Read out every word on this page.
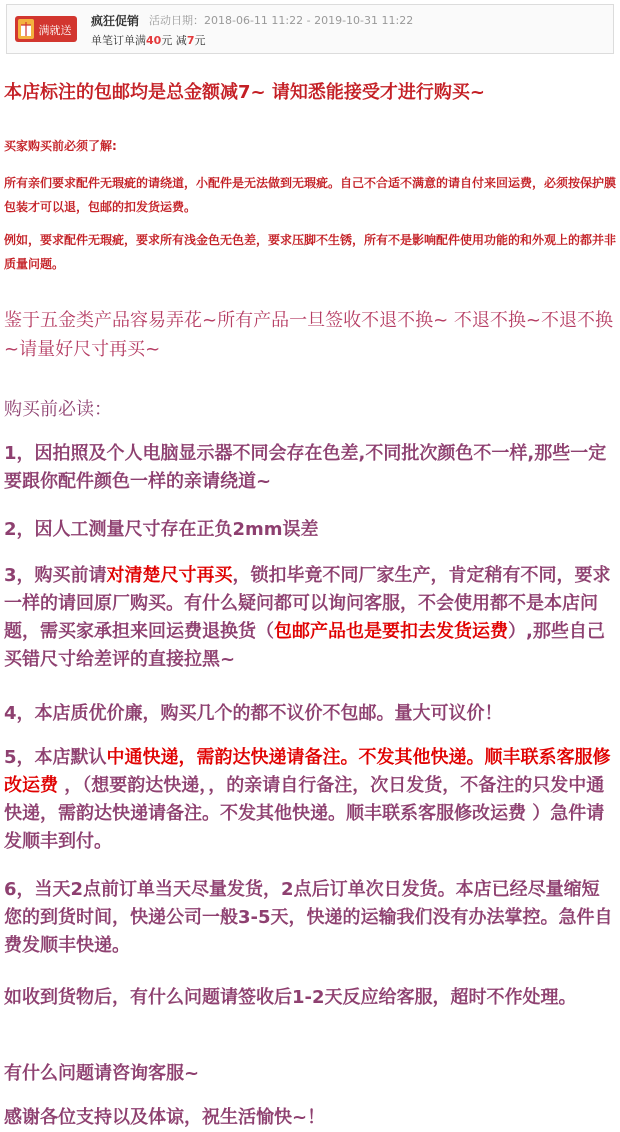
满就送
疯狂促销 活动日期：2018-06-11 11:22 - 2019-10-31 11:22
单笔订单满40元 减7元

本店标注的包邮均是总金额减7~ 请知悉能接受才进行购买~

买家购买前必须了解:

所有亲们要求配件无瑕疵的请绕道，小配件是无法做到无瑕疵。自己不合适不满意的请自付来回运费，必须按保护膜包装才可以退，包邮的扣发货运费。

例如，要求配件无瑕疵，要求所有浅金色无色差，要求压脚不生锈，所有不是影响配件使用功能的和外观上的都并非质量问题。

鉴于五金类产品容易弄花~所有产品一旦签收不退不换~ 不退不换~不退不换~请量好尺寸再买~

购买前必读：

1，因拍照及个人电脑显示器不同会存在色差,不同批次颜色不一样,那些一定要跟你配件颜色一样的亲请绕道~

2，因人工测量尺寸存在正负2mm误差

3，购买前请对清楚尺寸再买，锁扣毕竟不同厂家生产，肯定稍有不同，要求一样的请回原厂购买。有什么疑问都可以询问客服，不会使用都不是本店问题，需买家承担来回运费退换货（包邮产品也是要扣去发货运费）,那些自己买错尺寸给差评的直接拉黑~

4，本店质优价廉，购买几个的都不议价不包邮。量大可议价！

5，本店默认中通快递，需韵达快递请备注。不发其他快递。顺丰联系客服修改运费 ，（想要韵达快递，，的亲请自行备注，次日发货，不备注的只发中通快递，需韵达快递请备注。不发其他快递。顺丰联系客服修改运费 ）急件请发顺丰到付。

6，当天2点前订单当天尽量发货，2点后订单次日发货。本店已经尽量缩短您的到货时间，快递公司一般3-5天，快递的运输我们没有办法掌控。急件自费发顺丰快递。

如收到货物后，有什么问题请签收后1-2天反应给客服，超时不作处理。

有什么问题请咨询客服~

感谢各位支持以及体谅，祝生活愉快~！
